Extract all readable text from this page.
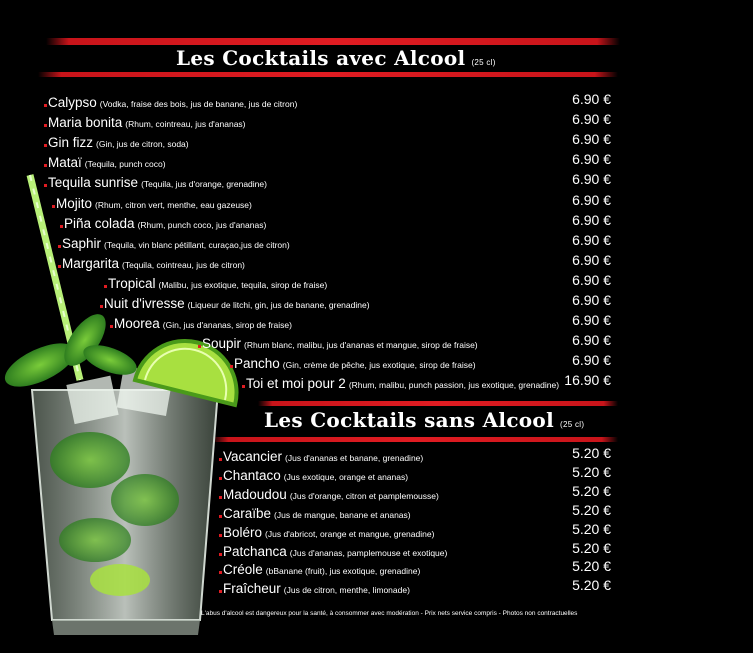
Les Cocktails avec Alcool (25 cl)
Calypso (Vodka, fraise des bois, jus de banane, jus de citron)	6.90 €
Maria bonita (Rhum, cointreau, jus d'ananas)	6.90 €
Gin fizz (Gin, jus de citron, soda)	6.90 €
Mataï (Tequila, punch coco)	6.90 €
Tequila sunrise (Tequila, jus d'orange, grenadine)	6.90 €
Mojito (Rhum, citron vert, menthe, eau gazeuse)	6.90 €
Piña colada (Rhum, punch coco, jus d'ananas)	6.90 €
Saphir (Tequila, vin blanc pétillant, curaçao,jus de citron)	6.90 €
Margarita (Tequila, cointreau, jus de citron)	6.90 €
Tropical (Malibu, jus exotique, tequila, sirop de fraise)	6.90 €
Nuit d'ivresse (Liqueur de litchi, gin, jus de banane, grenadine)	6.90 €
Moorea (Gin, jus d'ananas, sirop de fraise)	6.90 €
Soupir (Rhum blanc, malibu, jus d'ananas et mangue, sirop de fraise)	6.90 €
Pancho (Gin, crème de pêche, jus exotique, sirop de fraise)	6.90 €
Toi et moi pour 2 (Rhum, malibu, punch passion, jus exotique, grenadine) 16.90 €
Les Cocktails sans Alcool (25 cl)
Vacancier (Jus d'ananas et banane, grenadine)	5.20 €
Chantaco (Jus exotique, orange et ananas)	5.20 €
Madoudou (Jus d'orange, citron et pamplemousse)	5.20 €
Caraïbe (Jus de mangue, banane et ananas)	5.20 €
Boléro (Jus d'abricot, orange et mangue, grenadine)	5.20 €
Patchanca (Jus d'ananas, pamplemouse et exotique)	5.20 €
Créole (bBanane (fruit), jus exotique, grenadine)	5.20 €
Fraîcheur (Jus de citron, menthe, limonade)	5.20 €
L'abus d'alcool est dangereux pour la santé, à consommer avec modération - Prix nets service compris - Photos non contractuelles
